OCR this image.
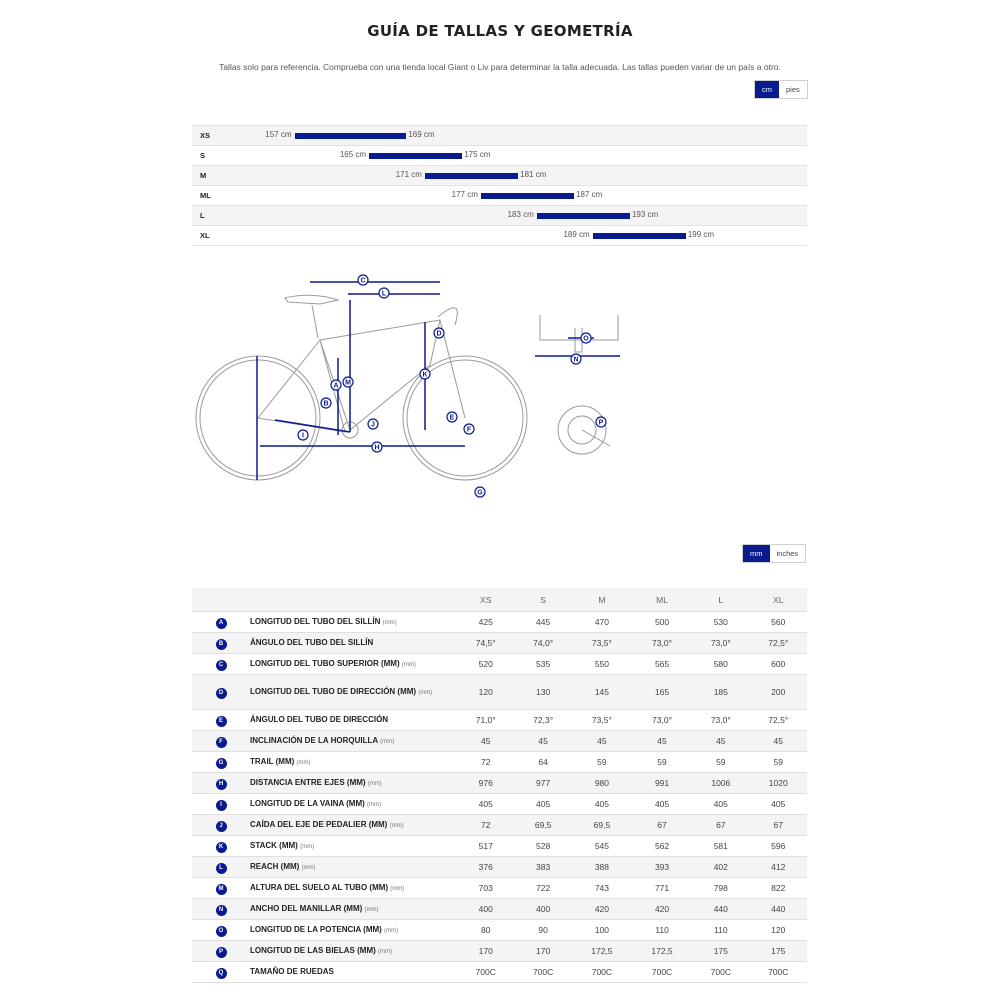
GUÍA DE TALLAS Y GEOMETRÍA
Tallas solo para referencia. Comprueba con una tienda local Giant o Liv para determinar la talla adecuada. Las tallas pueden variar de un país a otro.
cm	pies
XS	157 cm	169 cm
S	165 cm	175 cm
M	171 cm	181 cm
ML	177 cm	187 cm
L	183 cm	193 cm
XL	189 cm	199 cm
A
B
C
D
E
F
G
H
I
J
K
L
M
N
O
P
mm	inches
		XS	S	M	ML	L	XL
A	LONGITUD DEL TUBO DEL SILLÍN (mm)	425	445	470	500	530	560
B	ÁNGULO DEL TUBO DEL SILLÍN	74,5°	74,0°	73,5°	73,0°	73,0°	72,5°
C	LONGITUD DEL TUBO SUPERIOR (MM) (mm)	520	535	550	565	580	600
D	LONGITUD DEL TUBO DE DIRECCIÓN (MM) (mm)	120	130	145	165	185	200
E	ÁNGULO DEL TUBO DE DIRECCIÓN	71,0°	72,3°	73,5°	73,0°	73,0°	72,5°
F	INCLINACIÓN DE LA HORQUILLA (mm)	45	45	45	45	45	45
G	TRAIL (MM) (mm)	72	64	59	59	59	59
H	DISTANCIA ENTRE EJES (MM) (mm)	976	977	980	991	1006	1020
I	LONGITUD DE LA VAINA (MM) (mm)	405	405	405	405	405	405
J	CAÍDA DEL EJE DE PEDALIER (MM) (mm)	72	69,5	69,5	67	67	67
K	STACK (MM) (mm)	517	528	545	562	581	596
L	REACH (MM) (mm)	376	383	388	393	402	412
M	ALTURA DEL SUELO AL TUBO (MM) (mm)	703	722	743	771	798	822
N	ANCHO DEL MANILLAR (MM) (mm)	400	400	420	420	440	440
O	LONGITUD DE LA POTENCIA (MM) (mm)	80	90	100	110	110	120
P	LONGITUD DE LAS BIELAS (MM) (mm)	170	170	172,5	172,5	175	175
Q	TAMAÑO DE RUEDAS	700C	700C	700C	700C	700C	700C
